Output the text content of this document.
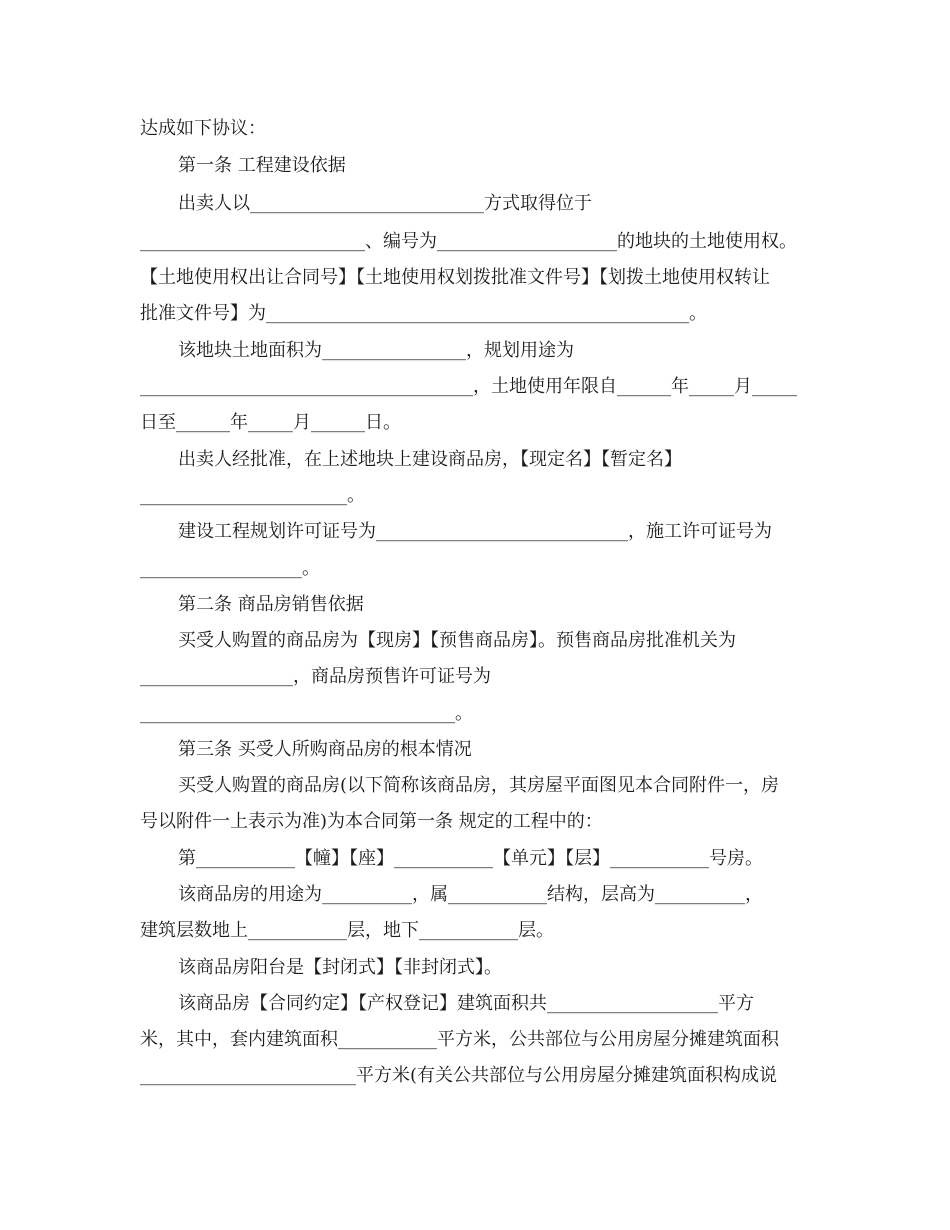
达成如下协议：
第一条 工程建设依据
出卖人以__________________________方式取得位于
_________________________、编号为____________________的地块的土地使用权。
【土地使用权出让合同号】【土地使用权划拨批准文件号】【划拨土地使用权转让
批准文件号】为_______________________________________________。
该地块土地面积为________________，规划用途为
_____________________________________，土地使用年限自______年_____月_____
日至______年_____月______日。
出卖人经批准，在上述地块上建设商品房，【现定名】【暂定名】
_______________________。
建设工程规划许可证号为____________________________，施工许可证号为
__________________。
第二条 商品房销售依据
买受人购置的商品房为【现房】【预售商品房】。预售商品房批准机关为
_________________，商品房预售许可证号为
___________________________________。
第三条 买受人所购商品房的根本情况
买受人购置的商品房(以下简称该商品房，其房屋平面图见本合同附件一，房
号以附件一上表示为准)为本合同第一条 规定的工程中的：
第___________【幢】【座】___________【单元】【层】___________号房。
该商品房的用途为__________，属___________结构，层高为__________，
建筑层数地上___________层，地下___________层。
该商品房阳台是【封闭式】【非封闭式】。
该商品房【合同约定】【产权登记】建筑面积共___________________平方
米，其中，套内建筑面积___________平方米，公共部位与公用房屋分摊建筑面积
________________________平方米(有关公共部位与公用房屋分摊建筑面积构成说
